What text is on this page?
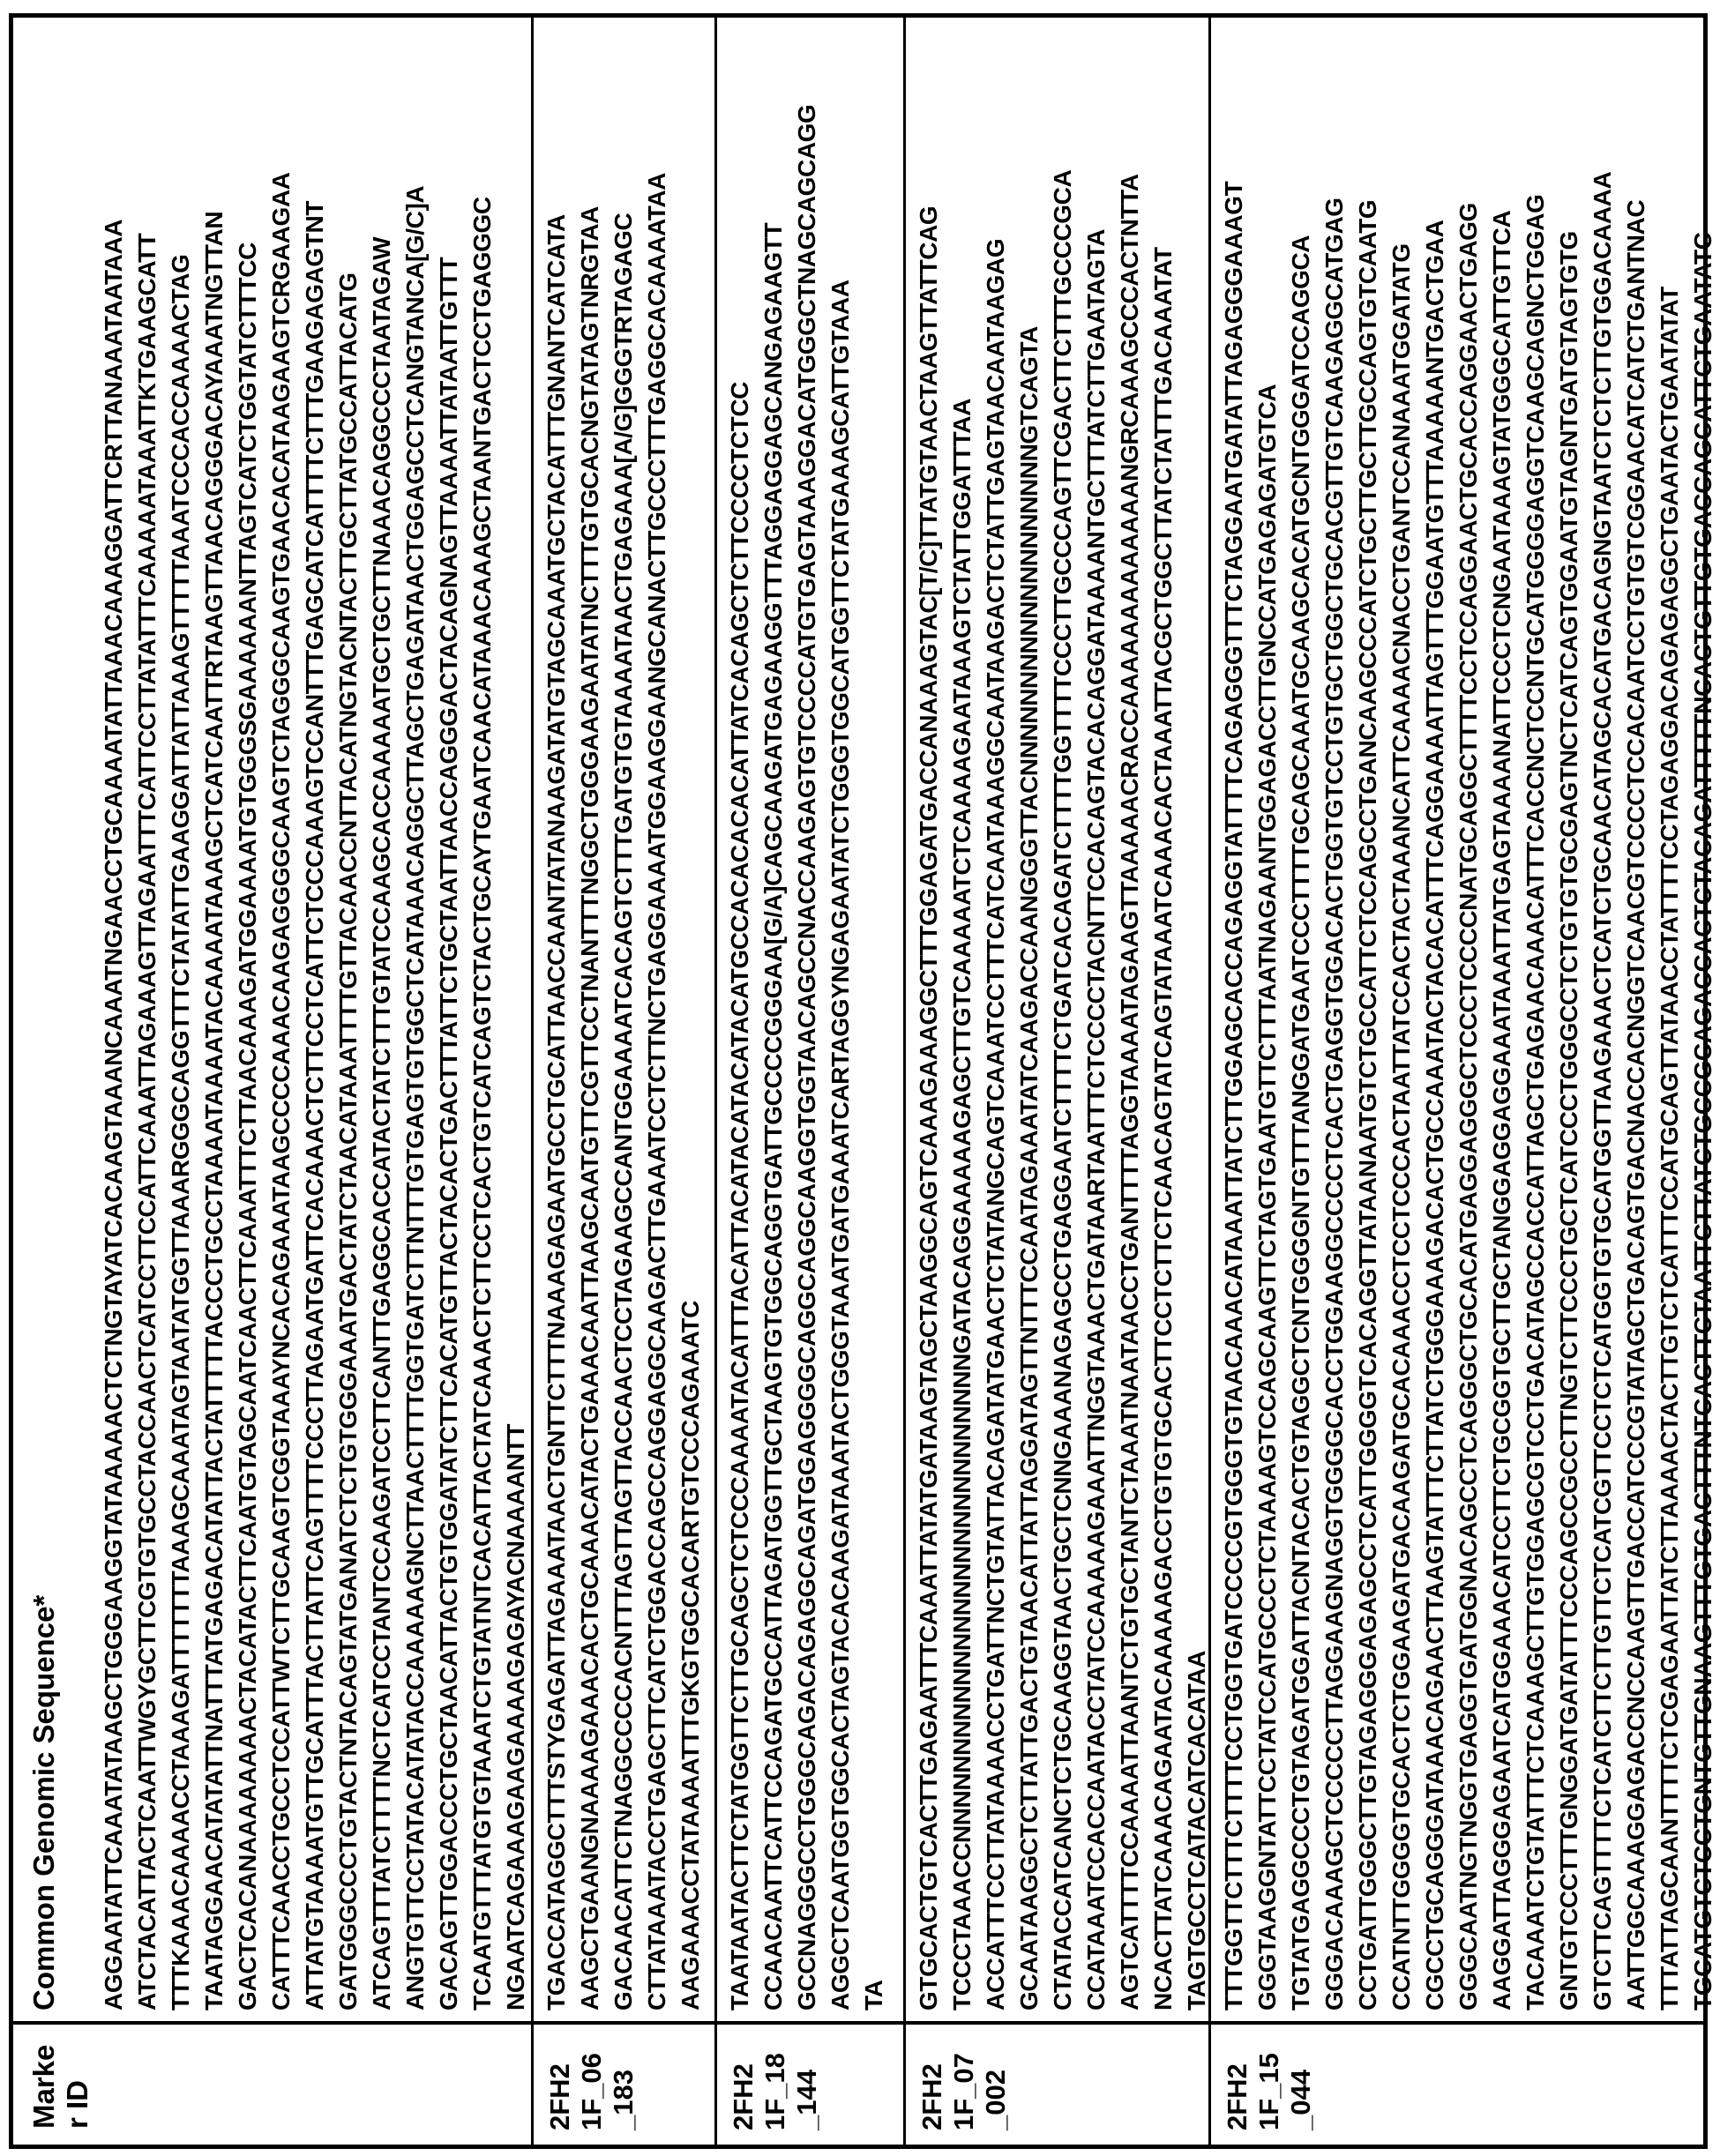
Marke
r ID
Common Genomic Sequence*	AGGAATATTCAAATATAAGCTGGGAAGGTATAAAAACTCTNGTAYATCACAAGTAAANCAAATNGAACCTGCAAAATATTAAACAAAGGATTCRTTANAAATAATAAA ATCTACATTACTCAATTWGYGCTTCGTGTGCCTACCAACTCATCCTTCCATTCAAATTAGAAAGTTAGAATTTCATTCCTTATATTTCAAAAATAAATTKTGAAGCATT TTTKAAACAAAACCTAAAGATTTTTTTAAAGCAAATAGTAATATGGTTAAARGGGCAGGTTTCTATATTGAAGGATTATTAAAGTTTTTAAATCCCACCAAAACTAG TAATAGGAACATATATTNATTTATGAGACATATTACTATTTTTACCCTGCCTAAAATAAAATACAAAATAAAGCTCATCAATTRTAAGTTAACAGGGACAYAAATNGTTAN GACTCACANAAAAAAAACTACATACTTCAATGTAGCAATCAACTTCAAATTTCTTAACAAAGATGGAAAATGTGGGSGAAAAAANTTAGTCATCTGGTATCTTTCC CATTTCAACCTGCCTCCATTWTCTTGCAAGTCGGTAAAYNCACAGAAATAAGCCCCAAACAAGAGGGGCAAGTCTAGGGCAAGTGAACACATAAGAAGTCRGAAGAA ATTATGTAAAATGTTGCATTTACTTATTCAGTTTTCCCTTAGAATGATTCACAAACTCTTCCTCATTCTCCCAAAGTCCANTTTGAGCATCATTTTCTTTGAAGAGAGTNT GATGGGCCCTGTACTNTACAGTATGANATCTCTGTGGGAAATGACTATCTAACATAAATTTTGTTACAACCNTTACATNGTACNTACTTGCTTATGCCATTACATG ATCAGTTTATCTTTTNCTCATCCTANTCCAAGATCCTTCANTTGAGGCACCATACTATCTTTGTATCCAAGCACCAAAAATGCTGCTTNAAACAGGCCCTAATAGAW ANGTGTTCCTATACATATACCAAAAAGNCTTAACTTTTGGTGATCTTNTTTGTGAGTGTGGCTCATAAACAGGCTTAGCTGAGATAACTGGAGCCTCANGTANCA[G/C]A GACAGTTGGACCCTGCTAACATTACTGTGGATATCTTCACATGTTACTACACTGACTTTATTCTGCTAATTAACCAGGGACTACAGNAGTTAAAATTATAATTGTTT TCAATGTTTATGTGTAAATCTGTATNTCACATTACTATCAAACTCTTCCTCACTGTCATCAGTCTACTGCAYTGAATCAACATAAACAAAGCTAANTGACTCCTGAGGGC NGAATCAGAAAGAAGAAAAGAGAYACNAAAANTT
2FH2
1F_06
_183
TGACCATAGGCTTTSTYGAGATTAGAAATAACTGNTTCTTTNAAAGAGAATGCCTGCATTAACCAANTATANAAGATATGTAGCAAATGCTACATTTGNANTCATCATA AAGCTGAANGNAAAAGAAACACTGCAAACATACTGAAACAATTAAGCAATGTTCGTTCCTNANTTTNGGCTGGGAAGAATATNCTTTGTGCACNGTATAGTNRGTAA GACAACATTCTNAGGCCCCACNTTTAGTTAGTTACCAACTCCTAGAAGCCANTGGAAAATCACAGTCTTTGATGTGTAAAATAACTGAGAAA[A/G]GGGTRTAGAGC CTTATAAATACCTGAGCTTCATCTGGACCAGCCAGGAGGCAAGACTTGAAATCCTCTTNCTGAGGAAAATGGAAGGAANGCANACTTGCCCTTTGAGGCACAAAATAA AAGAAACCTATAAAATTTGKGTGGCACARTGTCCCAGAAATC
2FH2
1F_18
_144
TAATAATACTTCTATGGTTCTTGCAGCTCTCCCAAAATACATTTACATTACATACATACATACATGCCACACACACATTATCACAGCTCTTCCCCTCTCC CCAACAATTCATTCCAGATGCCATTAGATGGTTGCTAAGTGTGGCAGGTGATTGCCCCGGGAA[G/A]CAGCAAGATGAGAAGGTTTAGGAGGAGCANGAGAAGTT GCCNAGGGCCTGGGCAGACAGAGGCAGATGGAGGGGCAGGCAGGCAAGGTGGTAACAGCCNACCAAGAGTGTCCCCATGTGAGTAAAGGACATGGGCTNAGCAGCAGG AGGCTCAATGGTGGCACTAGTACACAAGATAAATACTGGGTAAATGATGAAATCARTAGGYNGAGAATATCTGGGTGGCATGGTTCTATGAAAGCATTGTAAA TA
2FH2
1F_07
_002
GTGCACTGTCACTTGAGAATTTCAAATTATATGATAAGTAGCTAAGGCAGTCAAAGAAAGGCTTTGGAGATGACCANAAAGTAC[T/C]TTATGTAACTAAGTTATTCAG TCCCTAAACCNNNNNNNNNNNNNNNNNNNNNNNNNNNNGATACAGGAAAAAGAGCTTGTCAAAAATCTCAAAAGAATAAAGTCTATTGGATTTAA ACCATTTCCTTATAAAACCTGATTNCTGTATTACAGATATGAACTCTATANGCAGTCAAATCCTTTCATCAATAAAGGCAATAAGACTCTATTGAGTAACAATAAGAG GCAATAAGGCTCTTATTGACTGTAACATTATTAGGATAGTTNTTTCCAATAGAAATATCAAGACCAANGGGTTACNNNNNNNNNNNNNNNNNNNGTCAGTA CTATACCATCANCTCTGCAAGGTAACTGCTCNNGAAANAGAGCCTGAGGAATCTTTTCTGATCACAGATCTTTTGGTTTTCCCTTGCCCAGTTCGACTTCTTTGCCCGCA CCATAAATCCACCAATACCTATCCAAAAAGAAATTNGGTAAACTGATAARTAATTTCTCCCCTACNTTCCACAGTACACAGGATAAAANTGCTTTATCTTGAATAGTA AGTCATTTTCCAAAATTAANTCTGTGCTANTCTAAATNAATAACCTGANTTTTAGGTAAAATAGAAGTTAAAAACRACCAAAAAAAAAAAAANGRCAAAGCCCACTNTTA NCACTTATCAAACAGAATACAAAAAGACCTGTGTGCACTTCCTCTTCTCAACAGTATCAGTATAAATCAAACACTAAATTACGCTGGCTTATCTATTTGACAAATAT TAGTGCCTCATACATCACATAA
2FH2
1F_15
_044
TTTGGTTCTTTCTTTTCCTGGTGATCCCCGTGGGTGTAACAAACATAAATTATCTTGGAGCACCAGAGGTATTTTCAGAGGGTTTCTAGGAATGATATTAGAGGGAAAGT GGGTAAGGNTATTCCTATCCATGCCCTCTAAAAGTCCAGCAAGTTCTAGTGAATGTTCTTTAATNAGAANTGGAGACCTTGNCCATGAGAGATGTCA TGTATGAGGCCCTGTAGATGGATTACNTACACTGTAGGCTCNTGGGGNTGTTTANGGATGAATCCCTTTTGCAGCAAATGCAAGCACATGCNTGGGATCCAGGCA GGGACAAAGCTCCCCCTTAGGAAGNAGGTGGGGCACCTGGAAGGCCCCTCACTGAGGTGGACACTGGTGTCCTGTGCTGGCTGCACGTTGTCAAGAGGCATGAG CCTGATTGGGCTTGTAGAGGGAGAGCCTCATTGGGGTCACAGGTTATAANAATGTCTGCCATTCTCCAGCCTGANCAAGCCCATCTGCTTGCTTGCCAGTGTCAATG CCATNTTGGGGTGCACTCTGGAAGATGACAAGATGCACAAACCTCCTCCCACTAATTATCCACTACTAAANCATTCAAAACNACCTGANTCCANAAATGGATATG CGCCTGCAGGGATAAACAGAACTTAAGTATTTCTTATCTGGGAAAGACACTGCCAAATACTACACATTTCAGGAAAATTAGTTTGGAATGTTTAAAAANTGACTGAA GGGCAATNGTNGGTGAGGTGATGGNACAGCCTCAGGGCTGCACATGAGGAGGGCTCCCTCCCCNATGCAGGCTTTTCCTCCAGGAACTGCACCAGGAACTGAGG AAGGATTAGGGAGAATCATGGAAACATCCTTCTGCGGTGCTTGCTANGGAGGAGGAAATAAATTATGAGTAAAANATTCCCTCNGAATAAAGTATGGGCATTGTTCA TACAAATCTGTATTTCTCAAAGCTTGTGGAGCGTCCTGACATAGCCACCATTAGCTGAGAACAAACATTTCACCNCTCCNTGCATGGGGAGGTCAAGCAGNCTGGAG GNTGTCCCTTTGNGGATGATATTTCCCAGCCGCCTTNGTCTTCCCTGCTCATCCCTGGGCCTCTGTGTGCGAGTNCTCATCAGTGGAATGTAGNTGATGTAGTGTG GTCTTCAGTTTTCTCATCTTCTTGTTCTCATCGTTCCTCTCATGGTGTGCATGGTTAAGAAACTCATCTGCAACATAGCACATGACAGNGTAATCTCTCTTGTGGACAAAA AATTGGCAAAGGAGACCNCCAAGTTGACCATCCCGTATAGCTGACAGTGACNACCACNGGTCAACGTCCCCTCCACAATCCTGTGTCGGAACATCATCTGANTNAC TTTATTAGCAANTTTTCTCGAGAATTATCTTAAAACTACTTGTCTCATTTCCATGCAGTTATAACCTATTTTCCTAGAGGACAGAGAGGCTGAATACTGAATATAT TGCATGTCTCCTGNTGTTGNAAGTTTGTGACTTTNTCACTTCTAATTCTTATCTGCCGCAGACCACTCTACAGATTTTTNCACTGTTGTGACCAGCATTCTGAATATC
